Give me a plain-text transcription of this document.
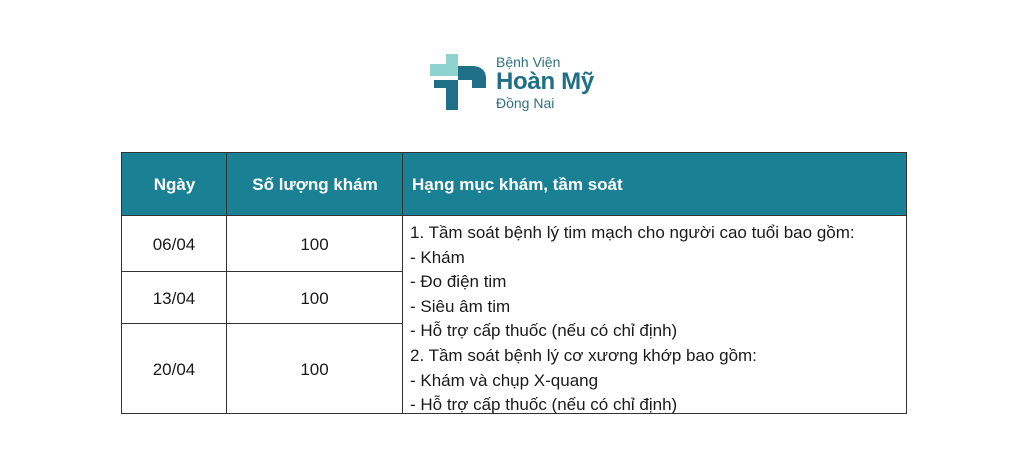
Bệnh Viện
Hoàn Mỹ
Đồng Nai
Ngày	Số lượng khám	Hạng mục khám, tầm soát
06/04	100
13/04	100
20/04	100
1. Tầm soát bệnh lý tim mạch cho người cao tuổi bao gồm:
- Khám
- Đo điện tim
- Siêu âm tim
- Hỗ trợ cấp thuốc (nếu có chỉ định)
2. Tầm soát bệnh lý cơ xương khớp bao gồm:
- Khám và chụp X-quang
- Hỗ trợ cấp thuốc (nếu có chỉ định)
